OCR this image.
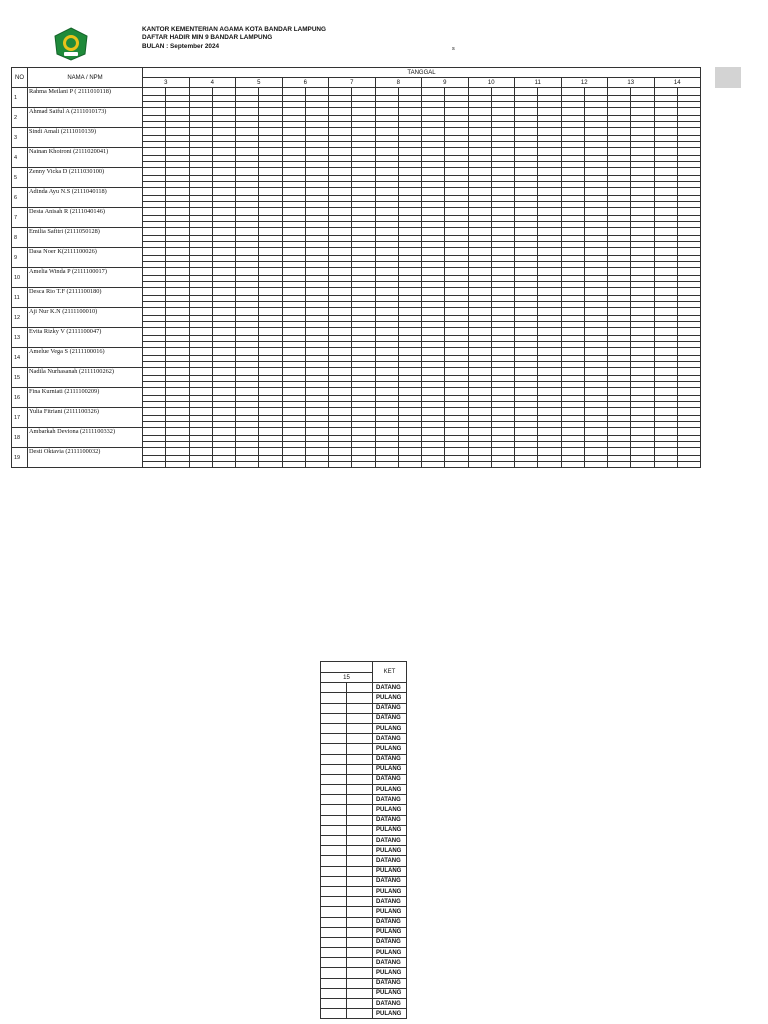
KANTOR KEMENTERIAN AGAMA KOTA BANDAR LAMPUNG
DAFTAR HADIR MIN 9 BANDAR LAMPUNG
BULAN : September 2024	s
NO	NAMA / NPM	TANGGAL																							
		3		4		5		6		7		8		9		10		11		12		13		14	
1	Rahma Meilani P ( 2111010118)																								

2	Ahmad Saiful A (2111010173)																								

3	Sindi Amali (2111010139)																								

4	Nainan Khoironi (2111020041)																								

5	Zenny Vicka D (2111030100)																								

6	Adinda Ayu N.S (2111040118)																								

7	Desta Anisah R (2111040146)																								

8	Emilia Safitri (2111050128)																								

9	Dasa Noer K(2111100026)																								

10	Amelia Winda P (2111100017)																								

11	Desca Rio T.F (2111100180)																								

12	Aji Nur K.N (2111100010)																								

13	Evita Rizky V (2111100047)																								

14	Amelue Vega S (2111100016)																								

15	Nadila Nurhasanah (2111100262)																								

16	Fina Kurniati (2111100209)																								

17	Yulia Fitriani (2111100326)																								

18	Ambarkah Deviona (2111100332)																								

19	Desti Oktavia (2111100032)																								

		KET
15		
		DATANG
		PULANG
		DATANG
		DATANG
		PULANG
		DATANG
		PULANG
		DATANG
		PULANG
		DATANG
		PULANG
		DATANG
		PULANG
		DATANG
		PULANG
		DATANG
		PULANG
		DATANG
		PULANG
		DATANG
		PULANG
		DATANG
		PULANG
		DATANG
		PULANG
		DATANG
		PULANG
		DATANG
		PULANG
		DATANG
		PULANG
		DATANG
		PULANG
